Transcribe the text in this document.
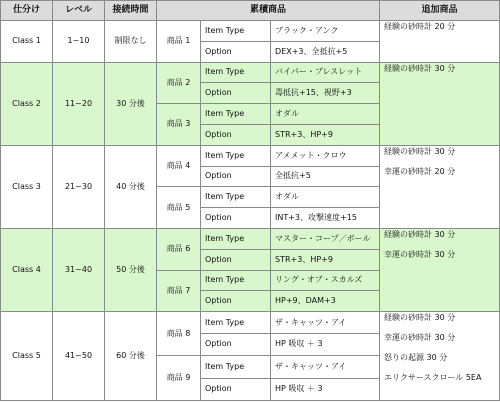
仕分け	レベル	接続時間	累積商品			追加商品
Class 1	1~10	制限なし	商品 1	Item Type	ブラック・アンク	経験の砂時計 20 分

				Option	DEX+3、全抵抗+5	
Class 2	11~20	30 分後	商品 2	Item Type	バイパー・ブレスレット	経験の砂時計 30 分

				Option	毒抵抗+15、視野+3	
			商品 3	Item Type	オダル	
				Option	STR+3、HP+9	
Class 3	21~30	40 分後	商品 4	Item Type	アメメット・クロウ	経験の砂時計 30 分
幸運の砂時計 20 分

				Option	全抵抗+5	
			商品 5	Item Type	オダル	
				Option	INT+3、攻撃速度+15	
Class 4	31~40	50 分後	商品 6	Item Type	マスター・コープ／ボール	経験の砂時計 30 分
幸運の砂時計 30 分

				Option	STR+3、HP+9	
			商品 7	Item Type	リング・オブ・スカルズ	
				Option	HP+9、DAM+3	
Class 5	41~50	60 分後	商品 8	Item Type	ザ・キャッツ・アイ	経験の砂時計 30 分
幸運の砂時計 30 分
怒りの起源 30 分
エリクサースクロール 5EA

				Option	HP 吸収 ＋ 3	
			商品 9	Item Type	ザ・キャッツ・アイ	
				Option	HP 吸収 ＋ 3	
